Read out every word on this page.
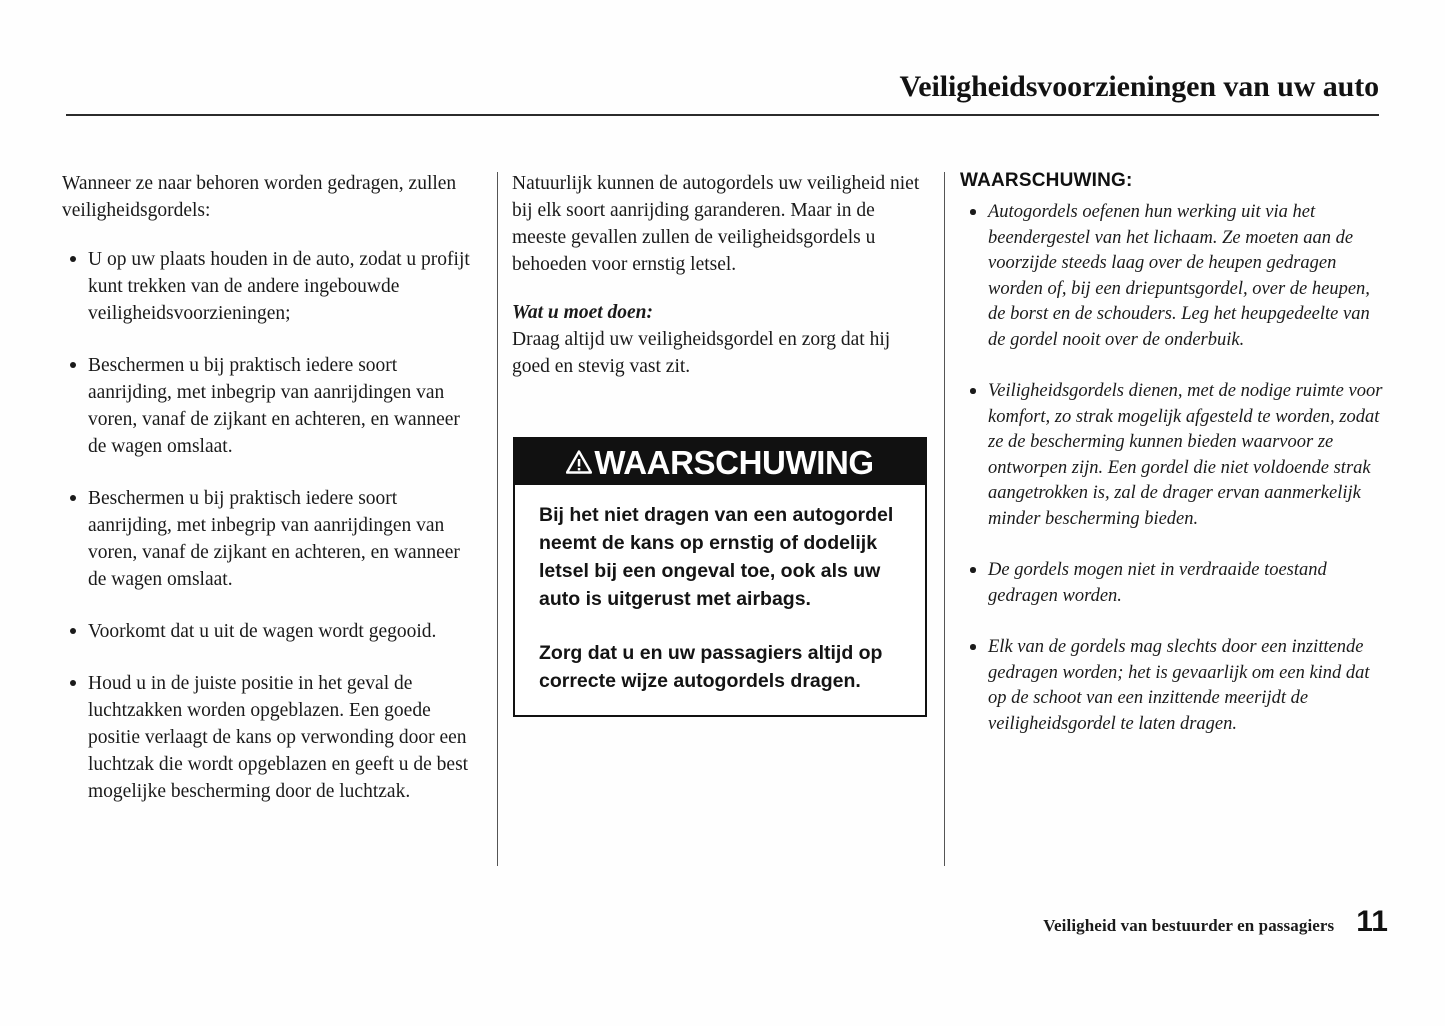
Veiligheidsvoorzieningen van uw auto

Wanneer ze naar behoren worden gedragen, zullen veiligheidsgordels:

U op uw plaats houden in de auto, zodat u profijt kunt trekken van de andere ingebouwde veiligheidsvoorzieningen;
Beschermen u bij praktisch iedere soort aanrijding, met inbegrip van aanrijdingen van voren, vanaf de zijkant en achteren, en wanneer de wagen omslaat.
Beschermen u bij praktisch iedere soort aanrijding, met inbegrip van aanrijdingen van voren, vanaf de zijkant en achteren, en wanneer de wagen omslaat.
Voorkomt dat u uit de wagen wordt gegooid.
Houd u in de juiste positie in het geval de luchtzakken worden opgeblazen. Een goede positie verlaagt de kans op verwonding door een luchtzak die wordt opgeblazen en geeft u de best mogelijke bescherming door de luchtzak.

Natuurlijk kunnen de autogordels uw veiligheid niet bij elk soort aanrijding garanderen. Maar in de meeste gevallen zullen de veiligheidsgordels u behoeden voor ernstig letsel.

Wat u moet doen:

Draag altijd uw veiligheidsgordel en zorg dat hij goed en stevig vast zit.

WAARSCHUWING

Bij het niet dragen van een autogordel neemt de kans op ernstig of dodelijk letsel bij een ongeval toe, ook als uw auto is uitgerust met airbags.

Zorg dat u en uw passagiers altijd op correcte wijze autogordels dragen.

WAARSCHUWING:

Autogordels oefenen hun werking uit via het beendergestel van het lichaam. Ze moeten aan de voorzijde steeds laag over de heupen gedragen worden of, bij een driepuntsgordel, over de heupen, de borst en de schouders. Leg het heupgedeelte van de gordel nooit over de onderbuik.
Veiligheidsgordels dienen, met de nodige ruimte voor komfort, zo strak mogelijk afgesteld te worden, zodat ze de bescherming kunnen bieden waarvoor ze ontworpen zijn. Een gordel die niet voldoende strak aangetrokken is, zal de drager ervan aanmerkelijk minder bescherming bieden.
De gordels mogen niet in verdraaide toestand gedragen worden.
Elk van de gordels mag slechts door een inzittende gedragen worden; het is gevaarlijk om een kind dat op de schoot van een inzittende meerijdt de veiligheidsgordel te laten dragen.
Veiligheid van bestuurder en passagiers 11
